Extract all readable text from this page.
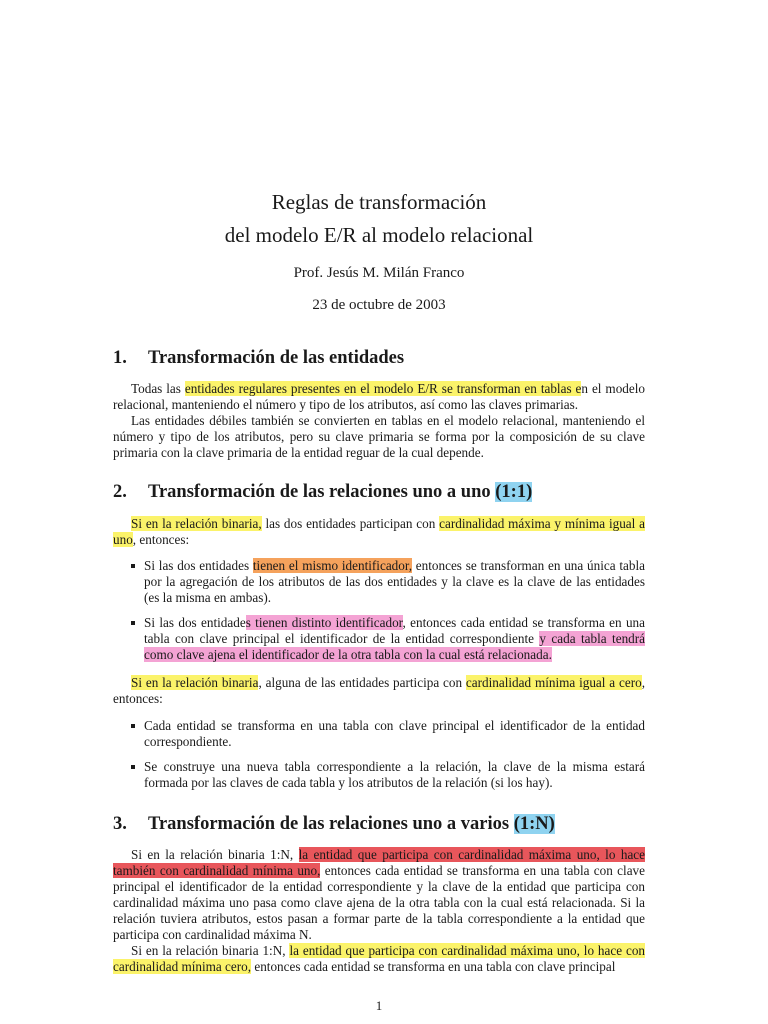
Reglas de transformación
del modelo E/R al modelo relacional
Prof. Jesús M. Milán Franco
23 de octubre de 2003
1. Transformación de las entidades

Todas las entidades regulares presentes en el modelo E/R se transforman en tablas en el modelo relacional, manteniendo el número y tipo de los atributos, así como las claves primarias.

Las entidades débiles también se convierten en tablas en el modelo relacional, manteniendo el número y tipo de los atributos, pero su clave primaria se forma por la composición de su clave primaria con la clave primaria de la entidad reguar de la cual depende.

2. Transformación de las relaciones uno a uno (1:1)

Si en la relación binaria, las dos entidades participan con cardinalidad máxima y mínima igual a uno, entonces:

Si las dos entidades tienen el mismo identificador, entonces se transforman en una única tabla por la agregación de los atributos de las dos entidades y la clave es la clave de las entidades (es la misma en ambas).
Si las dos entidades tienen distinto identificador, entonces cada entidad se transforma en una tabla con clave principal el identificador de la entidad correspondiente y cada tabla tendrá como clave ajena el identificador de la otra tabla con la cual está relacionada.

Si en la relación binaria, alguna de las entidades participa con cardinalidad mínima igual a cero, entonces:

Cada entidad se transforma en una tabla con clave principal el identificador de la entidad correspondiente.
Se construye una nueva tabla correspondiente a la relación, la clave de la misma estará formada por las claves de cada tabla y los atributos de la relación (si los hay).
3. Transformación de las relaciones uno a varios (1:N)

Si en la relación binaria 1:N, la entidad que participa con cardinalidad máxima uno, lo hace también con cardinalidad mínima uno, entonces cada entidad se transforma en una tabla con clave principal el identificador de la entidad correspondiente y la clave de la entidad que participa con cardinalidad máxima uno pasa como clave ajena de la otra tabla con la cual está relacionada. Si la relación tuviera atributos, estos pasan a formar parte de la tabla correspondiente a la entidad que participa con cardinalidad máxima N.

Si en la relación binaria 1:N, la entidad que participa con cardinalidad máxima uno, lo hace con cardinalidad mínima cero, entonces cada entidad se transforma en una tabla con clave principal

1
